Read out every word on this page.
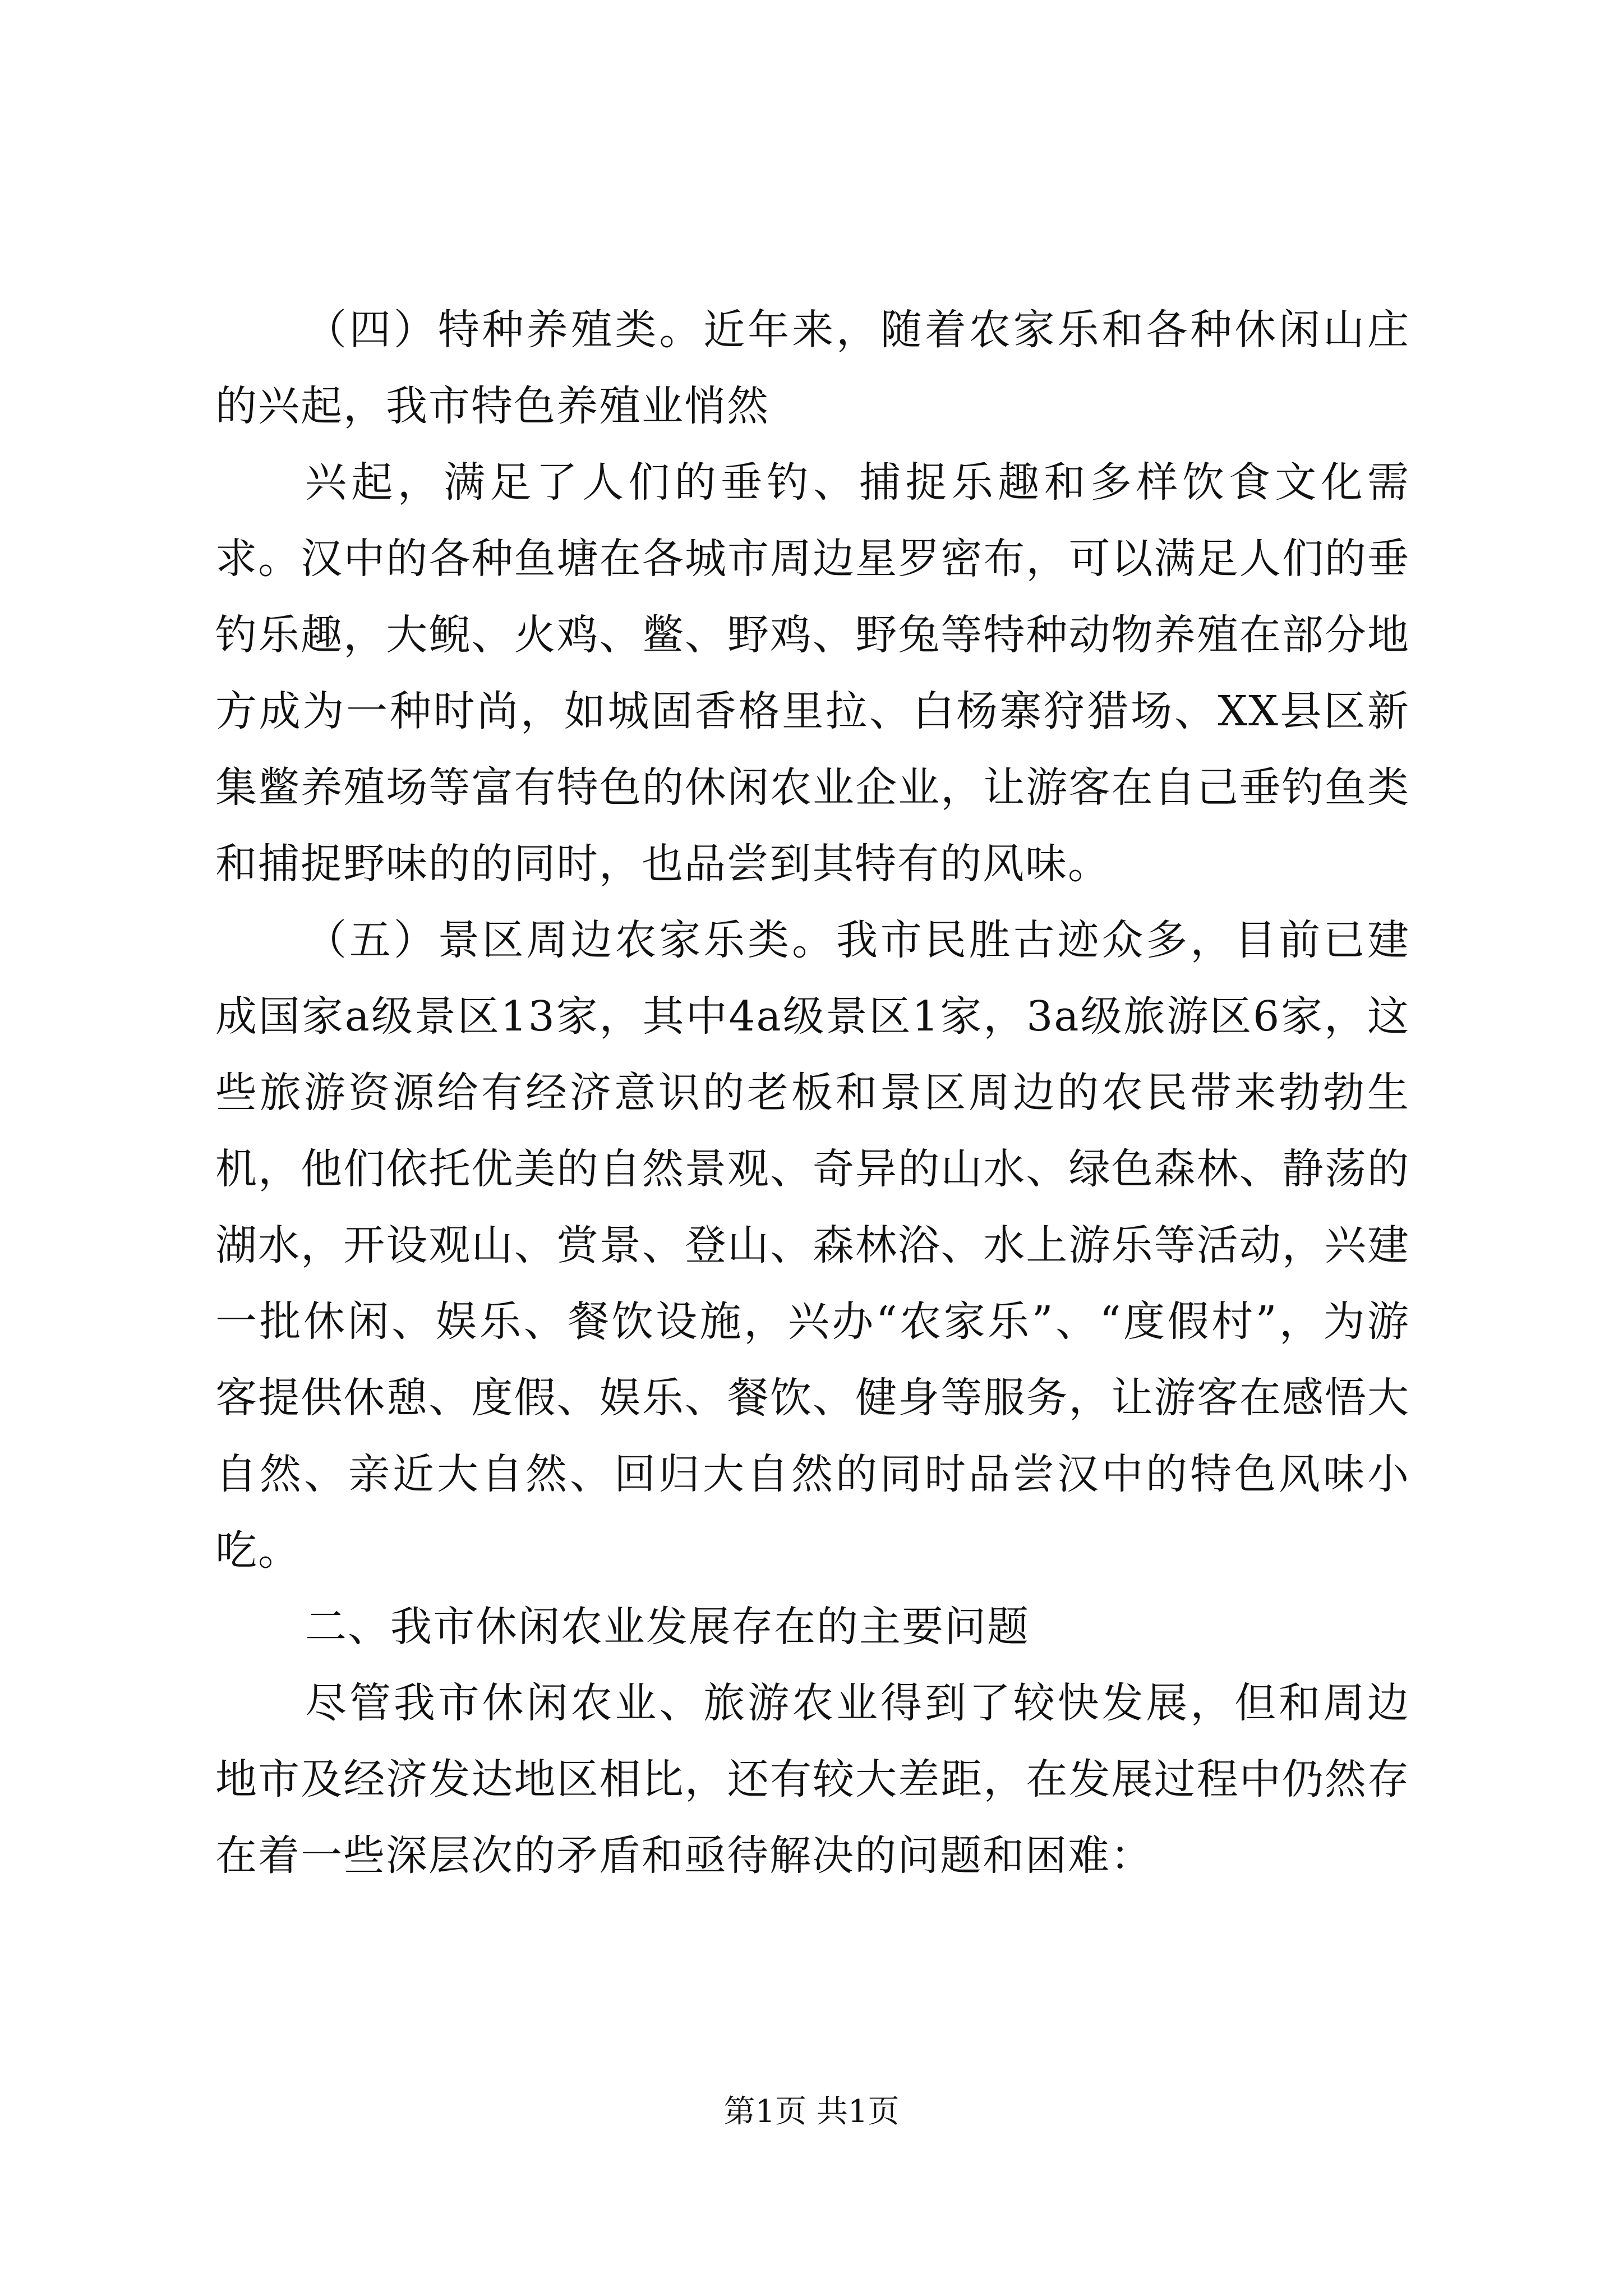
（四）特种养殖类。近年来，随着农家乐和各种休闲山庄的兴起，我市特色养殖业悄然

兴起，满足了人们的垂钓、捕捉乐趣和多样饮食文化需求。汉中的各种鱼塘在各城市周边星罗密布，可以满足人们的垂钓乐趣，大鲵、火鸡、鳖、野鸡、野兔等特种动物养殖在部分地方成为一种时尚，如城固香格里拉、白杨寨狩猎场、XX县区新集鳖养殖场等富有特色的休闲农业企业，让游客在自己垂钓鱼类和捕捉野味的的同时，也品尝到其特有的风味。

（五）景区周边农家乐类。我市民胜古迹众多，目前已建成国家a级景区13家，其中4a级景区1家，3a级旅游区6家，这些旅游资源给有经济意识的老板和景区周边的农民带来勃勃生机，他们依托优美的自然景观、奇异的山水、绿色森林、静荡的湖水，开设观山、赏景、登山、森林浴、水上游乐等活动，兴建一批休闲、娱乐、餐饮设施，兴办“农家乐”、“度假村”，为游客提供休憩、度假、娱乐、餐饮、健身等服务，让游客在感悟大自然、亲近大自然、回归大自然的同时品尝汉中的特色风味小吃。

二、我市休闲农业发展存在的主要问题

尽管我市休闲农业、旅游农业得到了较快发展，但和周边地市及经济发达地区相比，还有较大差距，在发展过程中仍然存在着一些深层次的矛盾和亟待解决的问题和困难：

第1页 共1页
